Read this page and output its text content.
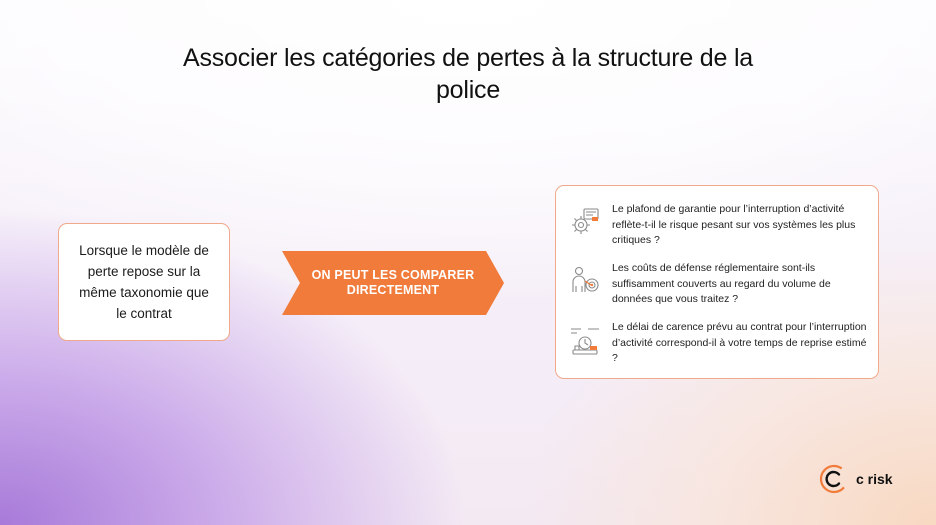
Associer les catégories de pertes à la structure de la police
Lorsque le modèle de perte repose sur la même taxonomie que le contrat
ON PEUT LES COMPARER DIRECTEMENT
Le plafond de garantie pour l’interruption d’activité reflète-t-il le risque pesant sur vos systèmes les plus critiques ?
Les coûts de défense réglementaire sont-ils suffisamment couverts au regard du volume de données que vous traitez ?
Le délai de carence prévu au contrat pour l’interruption d’activité correspond-il à votre temps de reprise estimé ?
c risk
